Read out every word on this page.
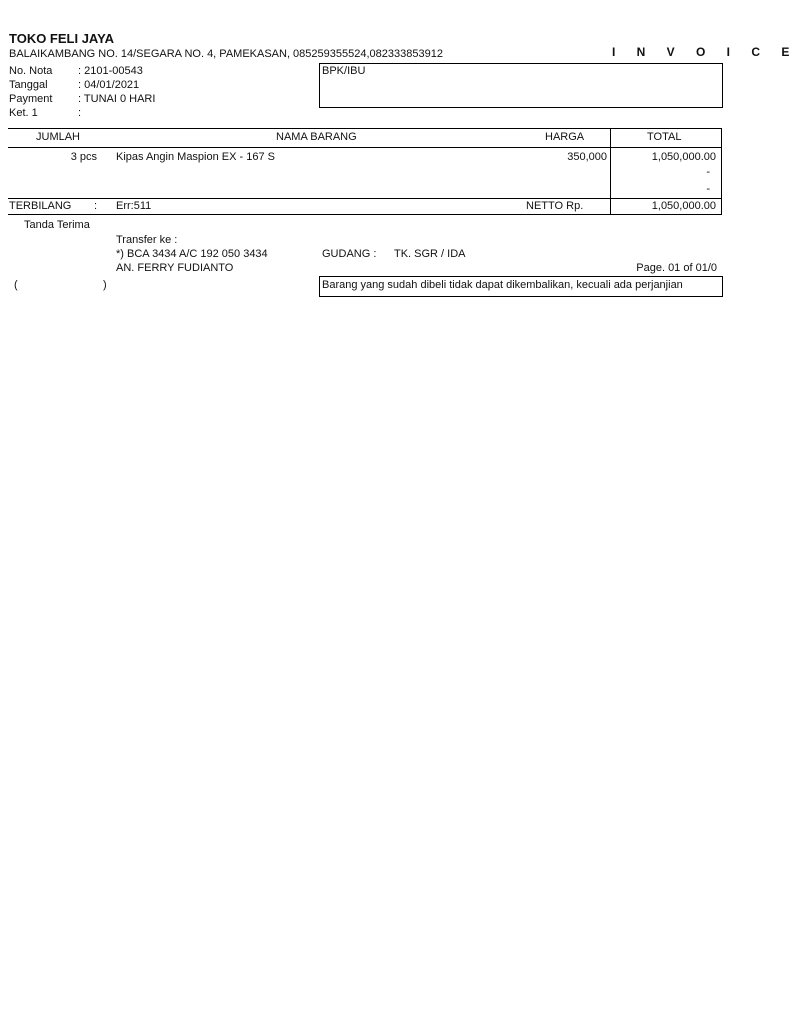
TOKO FELI JAYA
BALAIKAMBANG NO. 14/SEGARA NO. 4, PAMEKASAN, 085259355524,082333853912	I N V O I C E
No. Nota : 2101-00543
Tanggal	: 04/01/2021
Payment : TUNAI 0 HARI
Ket. 1	:
BPK/IBU
JUMLAH	NAMA BARANG	HARGA	TOTAL
3 pcs Kipas Angin Maspion EX - 167 S	350,000	1,050,000.00
-
-
TERBILANG : Err:511	NETTO Rp.	1,050,000.00
Tanda Terima
Transfer ke :
*) BCA 3434 A/C 192 050 3434
AN. FERRY FUDIANTO
GUDANG : TK. SGR / IDA
Page. 01 of 01/0
(	)	Barang yang sudah dibeli tidak dapat dikembalikan, kecuali ada perjanjian
